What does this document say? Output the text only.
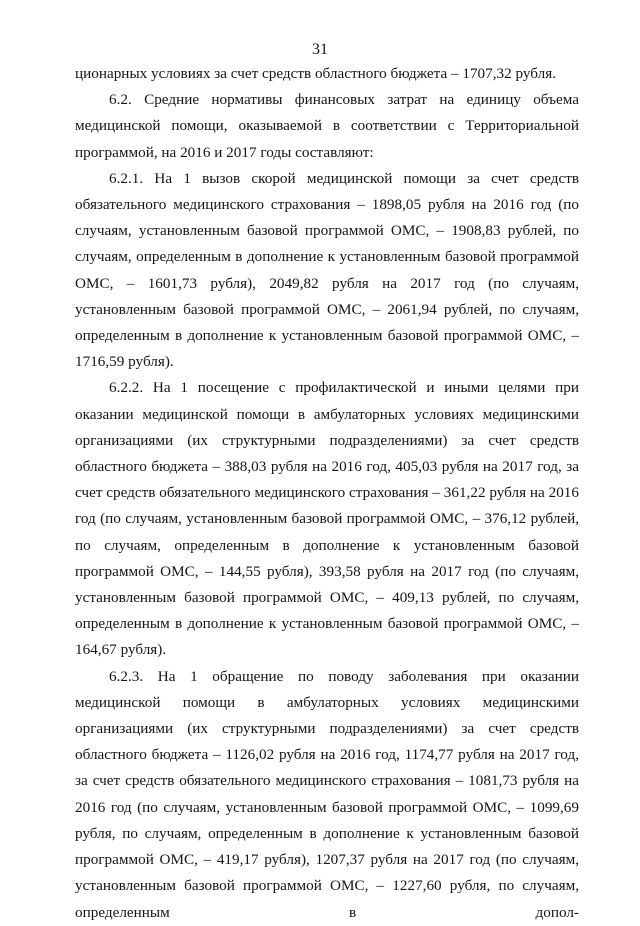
31

ционарных условиях за счет средств областного бюджета – 1707,32 рубля.

6.2. Средние нормативы финансовых затрат на единицу объема медицинской помощи, оказываемой в соответствии с Территориальной программой, на 2016 и 2017 годы составляют:

6.2.1. На 1 вызов скорой медицинской помощи за счет средств обязательного медицинского страхования – 1898,05 рубля на 2016 год (по случаям, установленным базовой программой ОМС, – 1908,83 рублей, по случаям, определенным в дополнение к установленным базовой программой ОМС, – 1601,73 рубля), 2049,82 рубля на 2017 год (по случаям, установленным базовой программой ОМС, – 2061,94 рублей, по случаям, определенным в дополнение к установленным базовой программой ОМС, – 1716,59 рубля).

6.2.2. На 1 посещение с профилактической и иными целями при оказании медицинской помощи в амбулаторных условиях медицинскими организациями (их структурными подразделениями) за счет средств областного бюджета – 388,03 рубля на 2016 год, 405,03 рубля на 2017 год, за счет средств обязательного медицинского страхования – 361,22 рубля на 2016 год (по случаям, установленным базовой программой ОМС, – 376,12 рублей, по случаям, определенным в дополнение к установленным базовой программой ОМС, – 144,55 рубля), 393,58 рубля на 2017 год (по случаям, установленным базовой программой ОМС, – 409,13 рублей, по случаям, определенным в дополнение к установленным базовой программой ОМС, – 164,67 рубля).

6.2.3. На 1 обращение по поводу заболевания при оказании медицинской помощи в амбулаторных условиях медицинскими организациями (их структурными подразделениями) за счет средств областного бюджета – 1126,02 рубля на 2016 год, 1174,77 рубля на 2017 год, за счет средств обязательного медицинского страхования – 1081,73 рубля на 2016 год (по случаям, установленным базовой программой ОМС, – 1099,69 рубля, по случаям, определенным в дополнение к установленным базовой программой ОМС, – 419,17 рубля), 1207,37 рубля на 2017 год (по случаям, установленным базовой программой ОМС, – 1227,60 рубля, по случаям, определенным в допол-
